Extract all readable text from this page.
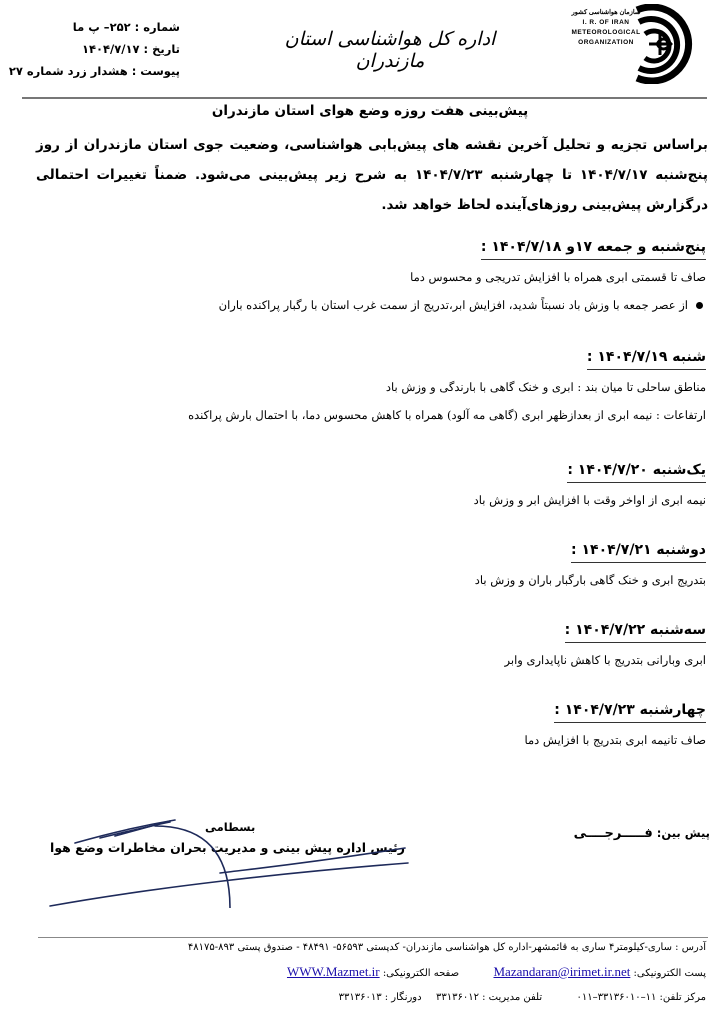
شماره : ۲۵۲– پ ما
تاریخ : ۱۴۰۴/۷/۱۷
پیوست : هشدار زرد شماره ۲۷
اداره کل هواشناسی استان مازندران
سازمان هواشناسی کشور
I. R. OF IRAN
METEOROLOGICAL
ORGANIZATION
پیش‌بینی هفت روزه وضع هوای استان مازندران
براساس تجزیه و تحلیل آخرین نقشه های پیش‌بابی هواشناسی، وضعیت جوی استان مازندران از روز پنج‌شنبه ۱۴۰۴/۷/۱۷ تا چهارشنبه ۱۴۰۴/۷/۲۳ به شرح زیر پیش‌بینی می‌شود. ضمناً تغییرات احتمالی درگزارش پیش‌بینی روزهای‌آینده لحاظ خواهد شد.
پنج‌شنبه و جمعه ۱۷و ۱۴۰۴/۷/۱۸ :
صاف تا قسمتی ابری همراه با افزایش تدریجی و محسوس دما
از عصر جمعه با وزش باد نسبتاً شدید، افزایش ابر،تدریج از سمت غرب استان با رگبار پراکنده باران
شنبه ۱۴۰۴/۷/۱۹ :
مناطق ساحلی تا میان بند : ابری و خنک گاهی با بارندگی و وزش باد
ارتفاعات : نیمه ابری از بعدازظهر ابری (گاهی مه آلود) همراه با کاهش محسوس دما، با احتمال بارش پراکنده
یک‌شنبه ۱۴۰۴/۷/۲۰ :
نیمه ابری از اواخر وقت با افزایش ابر و وزش باد
دوشنبه ۱۴۰۴/۷/۲۱ :
بتدریج ابری و خنک گاهی بارگبار باران و وزش باد
سه‌شنبه ۱۴۰۴/۷/۲۲ :
ابری وبارانی بتدریج با کاهش ناپایداری وابر
چهارشنبه ۱۴۰۴/۷/۲۳ :
صاف تانیمه ابری بتدریج با افزایش دما
بسطامی
رئیس اداره پیش بینی و مدیریت بحران مخاطرات وضع هوا
پیش بین: فـــــرجــــی
آدرس : ساری-کیلومتر۴ ساری به قائمشهر-اداره کل هواشناسی مازندران- کدپستی ۵۶۵۹۳- ۴۸۴۹۱ - صندوق پستی ۸۹۳-۴۸۱۷۵
پست الکترونیکی: Mazandaran@irimet.ir.net  صفحه الکترونیکی: WWW.Mazmet.ir
مرکز تلفن: ۱۱–۳۳۱۳۶۰۱۰–۰۱۱  تلفن مدیریت : ۳۳۱۳۶۰۱۲  دورنگار : ۳۳۱۳۶۰۱۳
